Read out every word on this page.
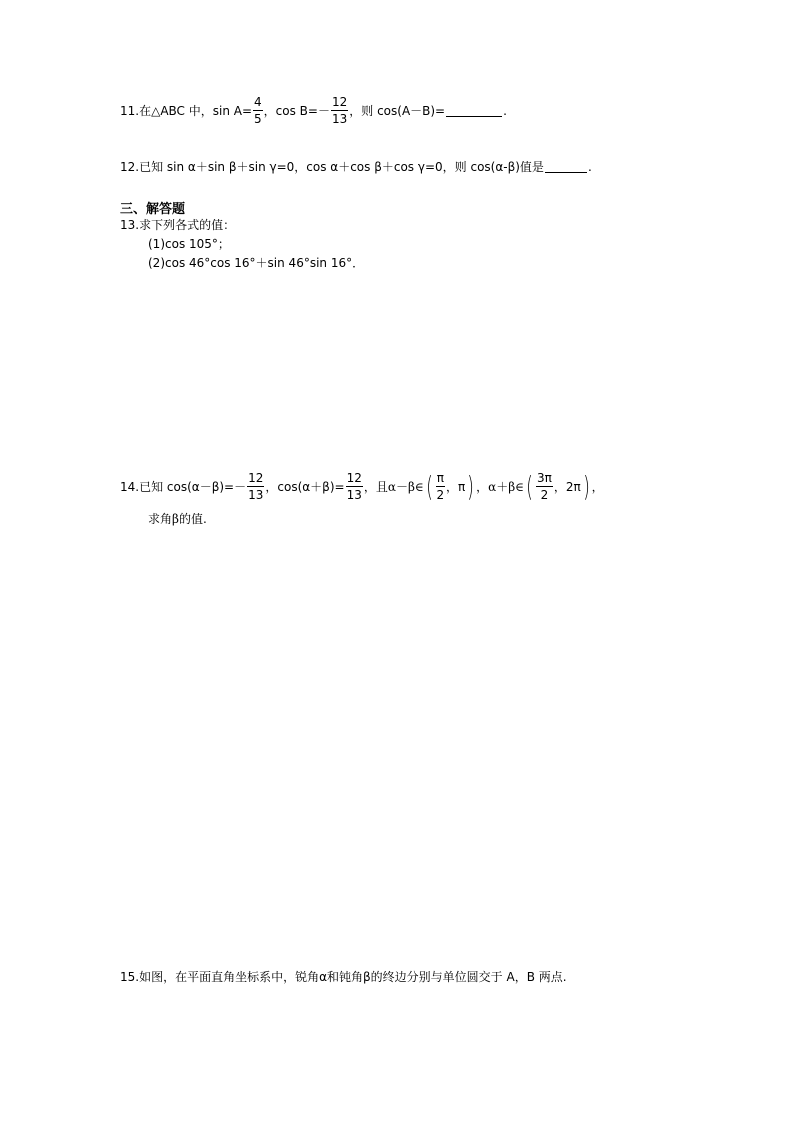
11. 在△ABC 中，$\sin A= \frac{4}{5}$ ，$\cos B=- \frac{12}{13}$ ，则 cos(A－B)=	.
12. 已知 sin α＋sin β＋sin γ=0，cos α＋cos β＋cos γ=0，则 cos(α-β)值是	.
三、解答题
13. 求下列各式的值：
(1)cos 105°；
(2)cos 46°cos 16°＋sin 46°sin 16°．
14. 已知 $\cos(\alpha-\beta)=- \frac{12}{13}$ ，$\cos(\alpha+\beta)= \frac{12}{13}$ ，且α－β∈ ( $\frac{\pi}{2}$ ，π ) ，α＋β∈ ( $\frac{3\pi}{2}$ ，2π ) ，
求角β的值.
15. 如图，在平面直角坐标系中，锐角α和钝角β的终边分别与单位圆交于 A，B 两点.
